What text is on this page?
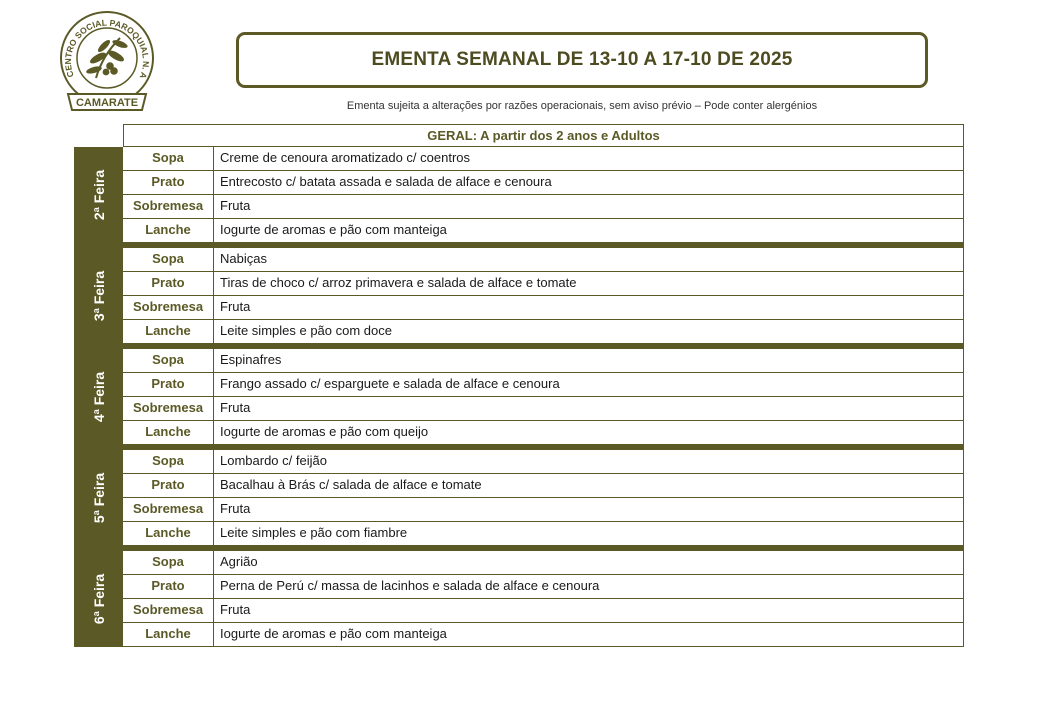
CENTRO SOCIAL PAROQUIAL N. A
CAMARATE
EMENTA SEMANAL DE 13-10 A 17-10 DE 2025
Ementa sujeita a alterações por razões operacionais, sem aviso prévio – Pode conter alergénios
GERAL: A partir dos 2 anos e Adultos
2ª Feira
Sopa	Creme de cenoura aromatizado c/ coentros
Prato	Entrecosto c/ batata assada e salada de alface e cenoura
Sobremesa	Fruta
Lanche	Iogurte de aromas e pão com manteiga
3ª Feira
Sopa	Nabiças
Prato	Tiras de choco c/ arroz primavera e salada de alface e tomate
Sobremesa	Fruta
Lanche	Leite simples e pão com doce
4ª Feira
Sopa	Espinafres
Prato	Frango assado c/ esparguete e salada de alface e cenoura
Sobremesa	Fruta
Lanche	Iogurte de aromas e pão com queijo
5ª Feira
Sopa	Lombardo c/ feijão
Prato	Bacalhau à Brás c/ salada de alface e tomate
Sobremesa	Fruta
Lanche	Leite simples e pão com fiambre
6ª Feira
Sopa	Agrião
Prato	Perna de Perú c/ massa de lacinhos e salada de alface e cenoura
Sobremesa	Fruta
Lanche	Iogurte de aromas e pão com manteiga
